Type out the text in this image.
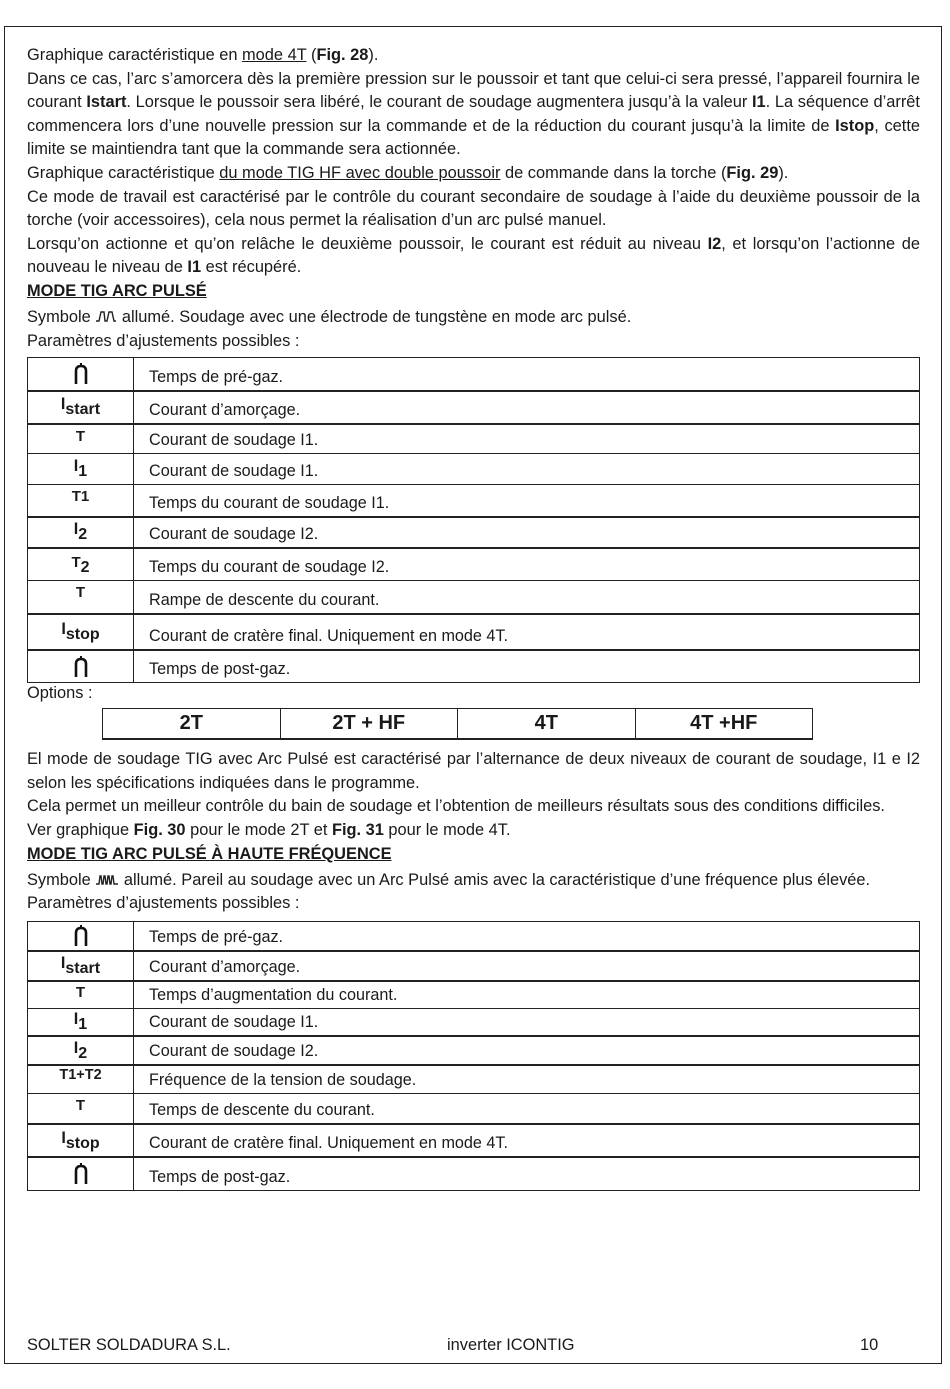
Graphique caractéristique en mode 4T (Fig. 28).

Dans ce cas, l’arc s’amorcera dès la première pression sur le poussoir et tant que celui-ci sera pressé, l’appareil fournira le courant Istart. Lorsque le poussoir sera libéré, le courant de soudage augmentera jusqu’à la valeur I1. La séquence d’arrêt commencera lors d’une nouvelle pression sur la commande et de la réduction du courant jusqu’à la limite de Istop, cette limite se maintiendra tant que la commande sera actionnée.

Graphique caractéristique du mode TIG HF avec double poussoir de commande dans la torche (Fig. 29).

Ce mode de travail est caractérisé par le contrôle du courant secondaire de soudage à l’aide du deuxième poussoir de la torche (voir accessoires), cela nous permet la réalisation d’un arc pulsé manuel.

Lorsqu’on actionne et qu’on relâche le deuxième poussoir, le courant est réduit au niveau I2, et lorsqu’on l’actionne de nouveau le niveau de I1 est récupéré.

MODE TIG ARC PULSÉ

Symbole  allumé. Soudage avec une électrode de tungstène en mode arc pulsé.

Paramètres d’ajustements possibles :

	Temps de pré-gaz.
$I_{start}$	Courant d’amorçage.
T	Courant de soudage I1.
$I_1$	Courant de soudage I1.
T1	Temps du courant de soudage I1.
$I_2$	Courant de soudage I2.
$T_2$	Temps du courant de soudage I2.
T	Rampe de descente du courant.
$I_{stop}$	Courant de cratère final. Uniquement en mode 4T.
	Temps de post-gaz.

Options :

2T	2T + HF	4T	4T +HF

El mode de soudage TIG avec Arc Pulsé est caractérisé par l’alternance de deux niveaux de courant de soudage, I1 e I2 selon les spécifications indiquées dans le programme.

Cela permet un meilleur contrôle du bain de soudage et l’obtention de meilleurs résultats sous des conditions difficiles.

Ver graphique Fig. 30 pour le mode 2T et Fig. 31 pour le mode 4T.

MODE TIG ARC PULSÉ À HAUTE FRÉQUENCE

Symbole  allumé. Pareil au soudage avec un Arc Pulsé amis avec la caractéristique d’une fréquence plus élevée.

Paramètres d’ajustements possibles :

	Temps de pré-gaz.
$I_{start}$	Courant d’amorçage.
T	Temps d’augmentation du courant.
$I_1$	Courant de soudage I1.
$I_2$	Courant de soudage I2.
T1+T2	Fréquence de la tension de soudage.
T	Temps de descente du courant.
$I_{stop}$	Courant de cratère final. Uniquement en mode 4T.
	Temps de post-gaz.
SOLTER SOLDADURA S.L.	inverter ICONTIG	10
